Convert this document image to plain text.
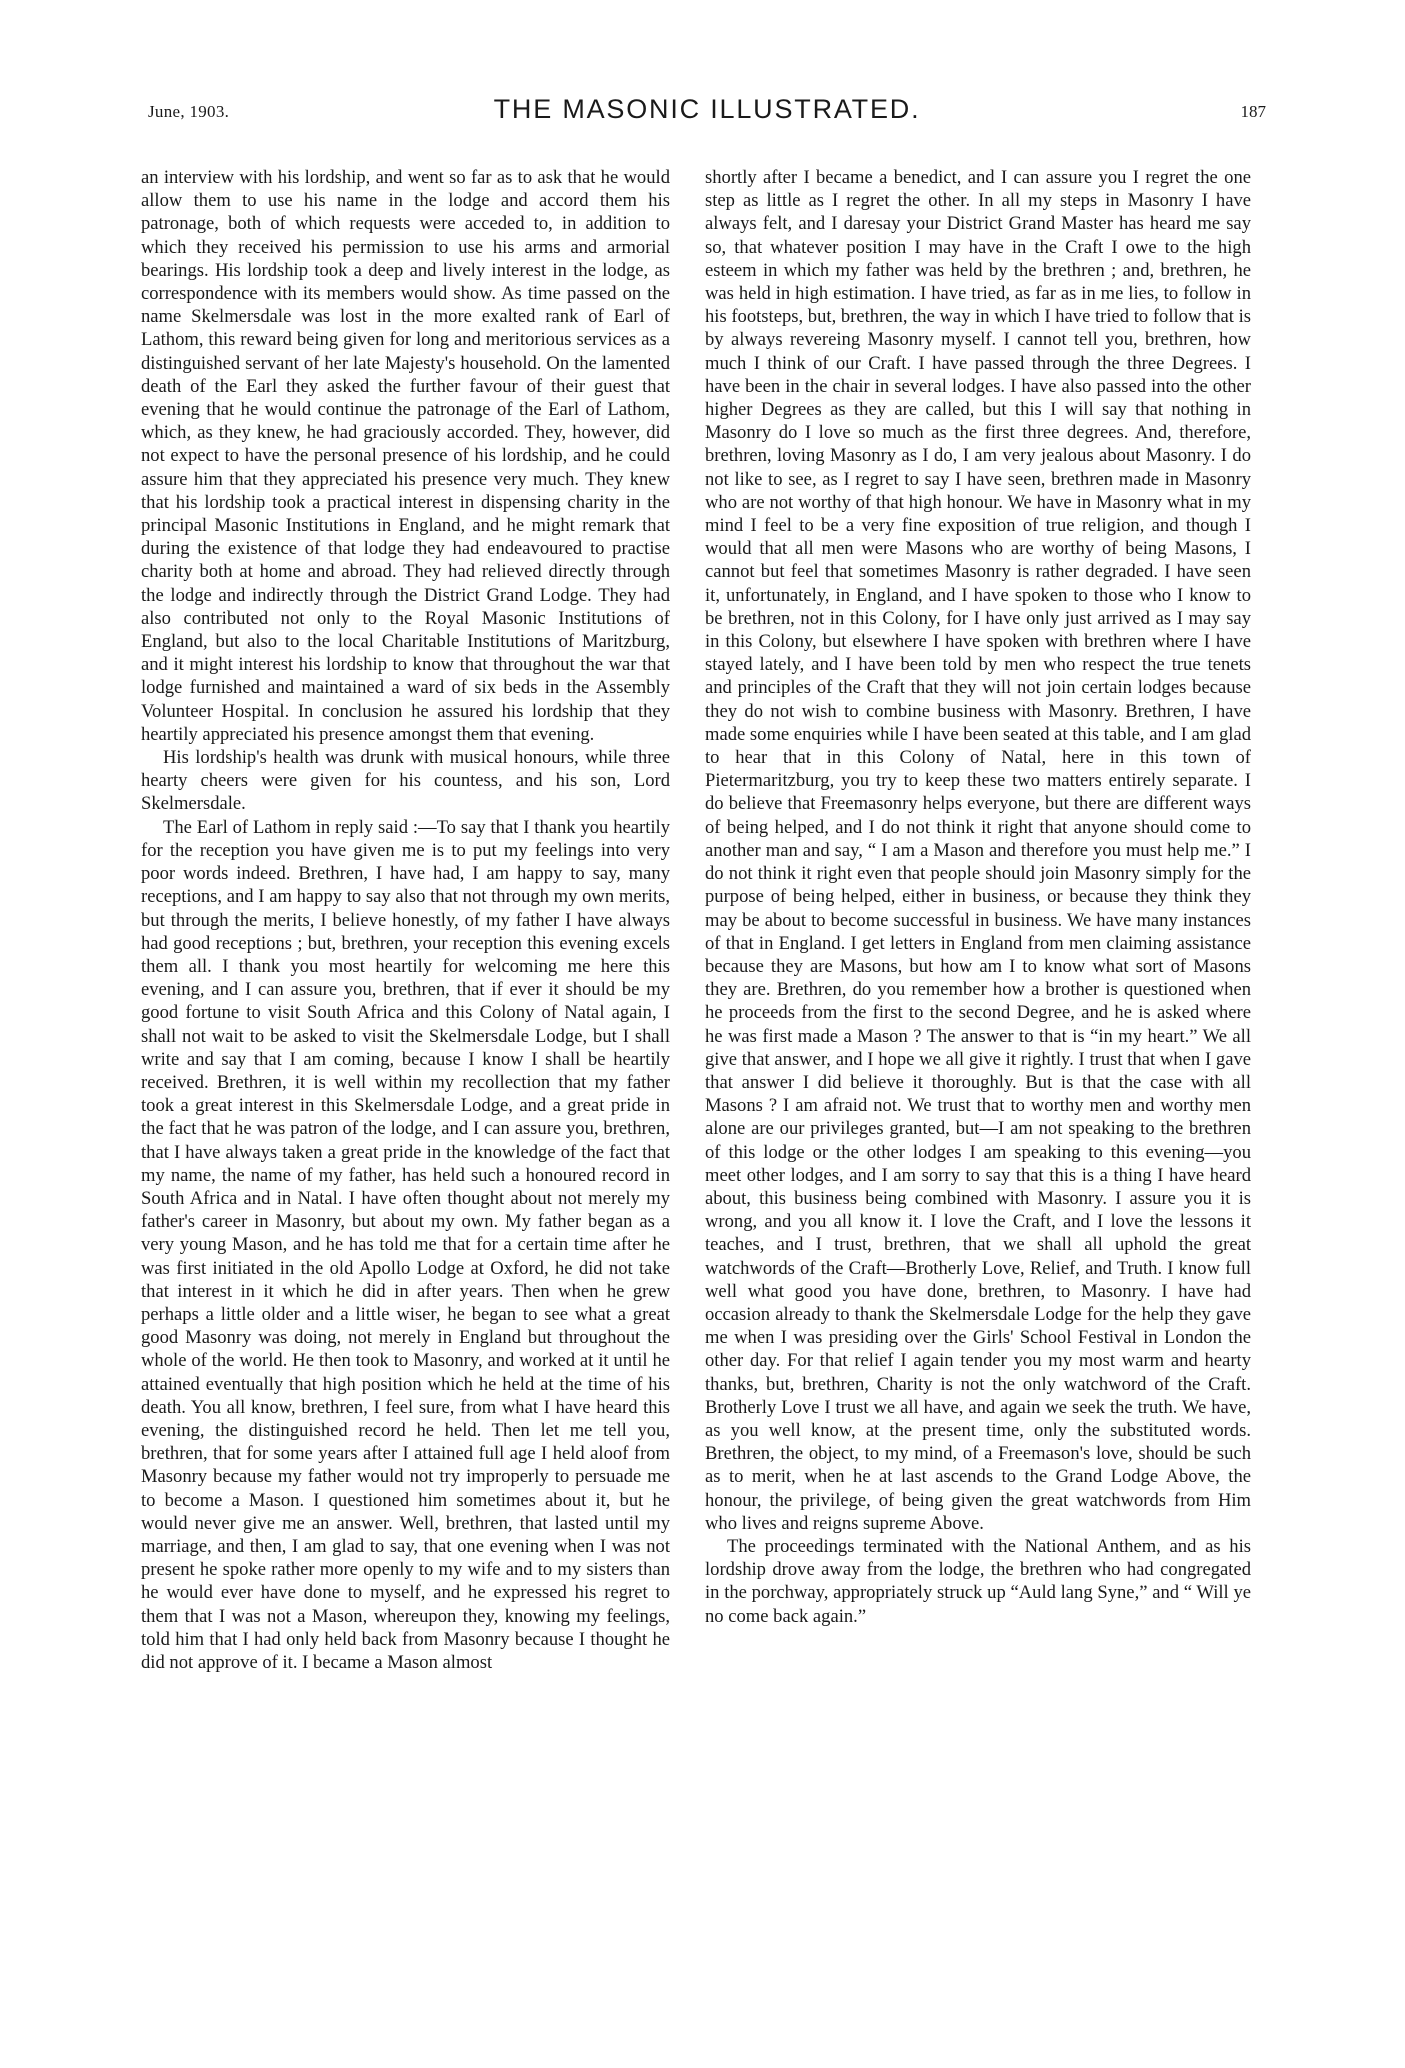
June, 1903.	THE MASONIC ILLUSTRATED.	187

an interview with his lordship, and went so far as to ask that he would allow them to use his name in the lodge and accord them his patronage, both of which requests were acceded to, in addition to which they received his permission to use his arms and armorial bearings. His lordship took a deep and lively interest in the lodge, as correspondence with its members would show. As time passed on the name Skelmersdale was lost in the more exalted rank of Earl of Lathom, this reward being given for long and meritorious services as a distinguished servant of her late Majesty's household. On the lamented death of the Earl they asked the further favour of their guest that evening that he would continue the patronage of the Earl of Lathom, which, as they knew, he had graciously accorded. They, however, did not expect to have the personal presence of his lordship, and he could assure him that they appreciated his presence very much. They knew that his lordship took a practical interest in dispensing charity in the principal Masonic Institutions in England, and he might remark that during the existence of that lodge they had endeavoured to practise charity both at home and abroad. They had relieved directly through the lodge and indirectly through the District Grand Lodge. They had also contributed not only to the Royal Masonic Institutions of England, but also to the local Charitable Institutions of Maritzburg, and it might interest his lordship to know that throughout the war that lodge furnished and maintained a ward of six beds in the Assembly Volunteer Hospital. In conclusion he assured his lordship that they heartily appreciated his presence amongst them that evening.

His lordship's health was drunk with musical honours, while three hearty cheers were given for his countess, and his son, Lord Skelmersdale.

The Earl of Lathom in reply said :—To say that I thank you heartily for the reception you have given me is to put my feelings into very poor words indeed. Brethren, I have had, I am happy to say, many receptions, and I am happy to say also that not through my own merits, but through the merits, I believe honestly, of my father I have always had good receptions ; but, brethren, your reception this evening excels them all. I thank you most heartily for welcoming me here this evening, and I can assure you, brethren, that if ever it should be my good fortune to visit South Africa and this Colony of Natal again, I shall not wait to be asked to visit the Skelmersdale Lodge, but I shall write and say that I am coming, because I know I shall be heartily received. Brethren, it is well within my recollection that my father took a great interest in this Skelmersdale Lodge, and a great pride in the fact that he was patron of the lodge, and I can assure you, brethren, that I have always taken a great pride in the knowledge of the fact that my name, the name of my father, has held such a honoured record in South Africa and in Natal. I have often thought about not merely my father's career in Masonry, but about my own. My father began as a very young Mason, and he has told me that for a certain time after he was first initiated in the old Apollo Lodge at Oxford, he did not take that interest in it which he did in after years. Then when he grew perhaps a little older and a little wiser, he began to see what a great good Masonry was doing, not merely in England but throughout the whole of the world. He then took to Masonry, and worked at it until he attained eventually that high position which he held at the time of his death. You all know, brethren, I feel sure, from what I have heard this evening, the distinguished record he held. Then let me tell you, brethren, that for some years after I attained full age I held aloof from Masonry because my father would not try improperly to persuade me to become a Mason. I questioned him sometimes about it, but he would never give me an answer. Well, brethren, that lasted until my marriage, and then, I am glad to say, that one evening when I was not present he spoke rather more openly to my wife and to my sisters than he would ever have done to myself, and he expressed his regret to them that I was not a Mason, whereupon they, knowing my feelings, told him that I had only held back from Masonry because I thought he did not approve of it. I became a Mason almost

shortly after I became a benedict, and I can assure you I regret the one step as little as I regret the other. In all my steps in Masonry I have always felt, and I daresay your District Grand Master has heard me say so, that whatever position I may have in the Craft I owe to the high esteem in which my father was held by the brethren ; and, brethren, he was held in high estimation. I have tried, as far as in me lies, to follow in his footsteps, but, brethren, the way in which I have tried to follow that is by always revereing Masonry myself. I cannot tell you, brethren, how much I think of our Craft. I have passed through the three Degrees. I have been in the chair in several lodges. I have also passed into the other higher Degrees as they are called, but this I will say that nothing in Masonry do I love so much as the first three degrees. And, therefore, brethren, loving Masonry as I do, I am very jealous about Masonry. I do not like to see, as I regret to say I have seen, brethren made in Masonry who are not worthy of that high honour. We have in Masonry what in my mind I feel to be a very fine exposition of true religion, and though I would that all men were Masons who are worthy of being Masons, I cannot but feel that sometimes Masonry is rather degraded. I have seen it, unfortunately, in England, and I have spoken to those who I know to be brethren, not in this Colony, for I have only just arrived as I may say in this Colony, but elsewhere I have spoken with brethren where I have stayed lately, and I have been told by men who respect the true tenets and principles of the Craft that they will not join certain lodges because they do not wish to combine business with Masonry. Brethren, I have made some enquiries while I have been seated at this table, and I am glad to hear that in this Colony of Natal, here in this town of Pietermaritzburg, you try to keep these two matters entirely separate. I do believe that Freemasonry helps everyone, but there are different ways of being helped, and I do not think it right that anyone should come to another man and say, “ I am a Mason and therefore you must help me.” I do not think it right even that people should join Masonry simply for the purpose of being helped, either in business, or because they think they may be about to become successful in business. We have many instances of that in England. I get letters in England from men claiming assistance because they are Masons, but how am I to know what sort of Masons they are. Brethren, do you remember how a brother is questioned when he proceeds from the first to the second Degree, and he is asked where he was first made a Mason ? The answer to that is “in my heart.” We all give that answer, and I hope we all give it rightly. I trust that when I gave that answer I did believe it thoroughly. But is that the case with all Masons ? I am afraid not. We trust that to worthy men and worthy men alone are our privileges granted, but—I am not speaking to the brethren of this lodge or the other lodges I am speaking to this evening—you meet other lodges, and I am sorry to say that this is a thing I have heard about, this business being combined with Masonry. I assure you it is wrong, and you all know it. I love the Craft, and I love the lessons it teaches, and I trust, brethren, that we shall all uphold the great watchwords of the Craft—Brotherly Love, Relief, and Truth. I know full well what good you have done, brethren, to Masonry. I have had occasion already to thank the Skelmersdale Lodge for the help they gave me when I was presiding over the Girls' School Festival in London the other day. For that relief I again tender you my most warm and hearty thanks, but, brethren, Charity is not the only watchword of the Craft. Brotherly Love I trust we all have, and again we seek the truth. We have, as you well know, at the present time, only the substituted words. Brethren, the object, to my mind, of a Freemason's love, should be such as to merit, when he at last ascends to the Grand Lodge Above, the honour, the privilege, of being given the great watchwords from Him who lives and reigns supreme Above.

The proceedings terminated with the National Anthem, and as his lordship drove away from the lodge, the brethren who had congregated in the porchway, appropriately struck up “Auld lang Syne,” and “ Will ye no come back again.”
